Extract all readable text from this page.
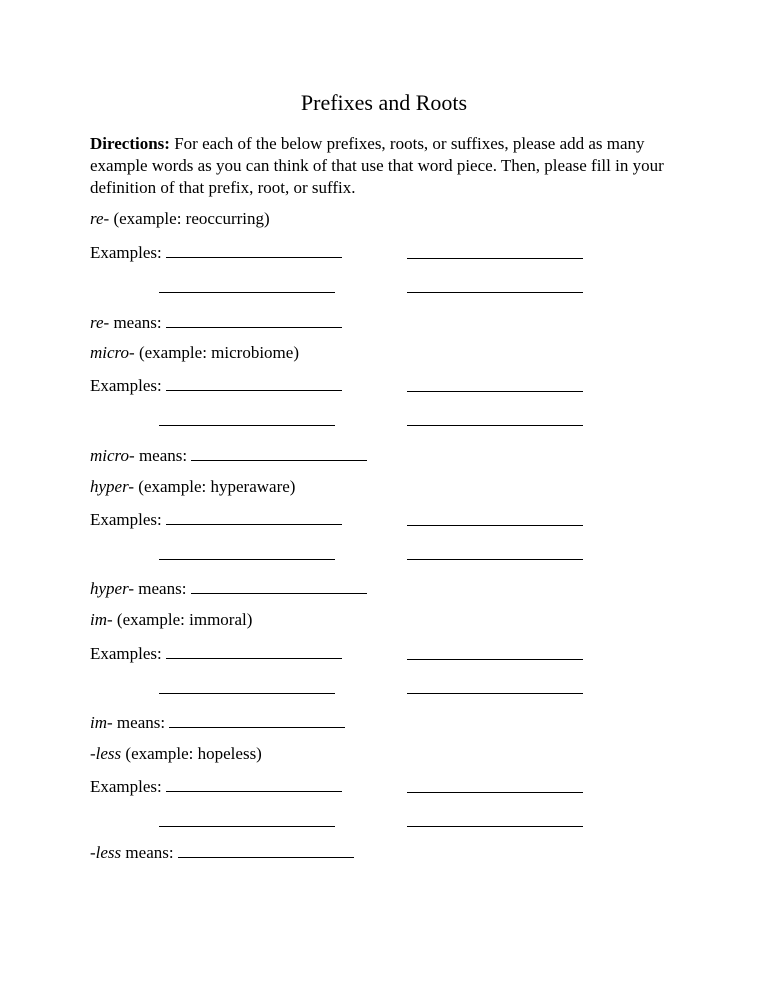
Prefixes and Roots
Directions: For each of the below prefixes, roots, or suffixes, please add as many example words as you can think of that use that word piece. Then, please fill in your definition of that prefix, root, or suffix.
re- (example: reoccurring)
Examples:
re- means:
micro- (example: microbiome)
Examples:
micro- means:
hyper- (example: hyperaware)
Examples:
hyper- means:
im- (example: immoral)
Examples:
im- means:
-less (example: hopeless)
Examples:
-less means:
